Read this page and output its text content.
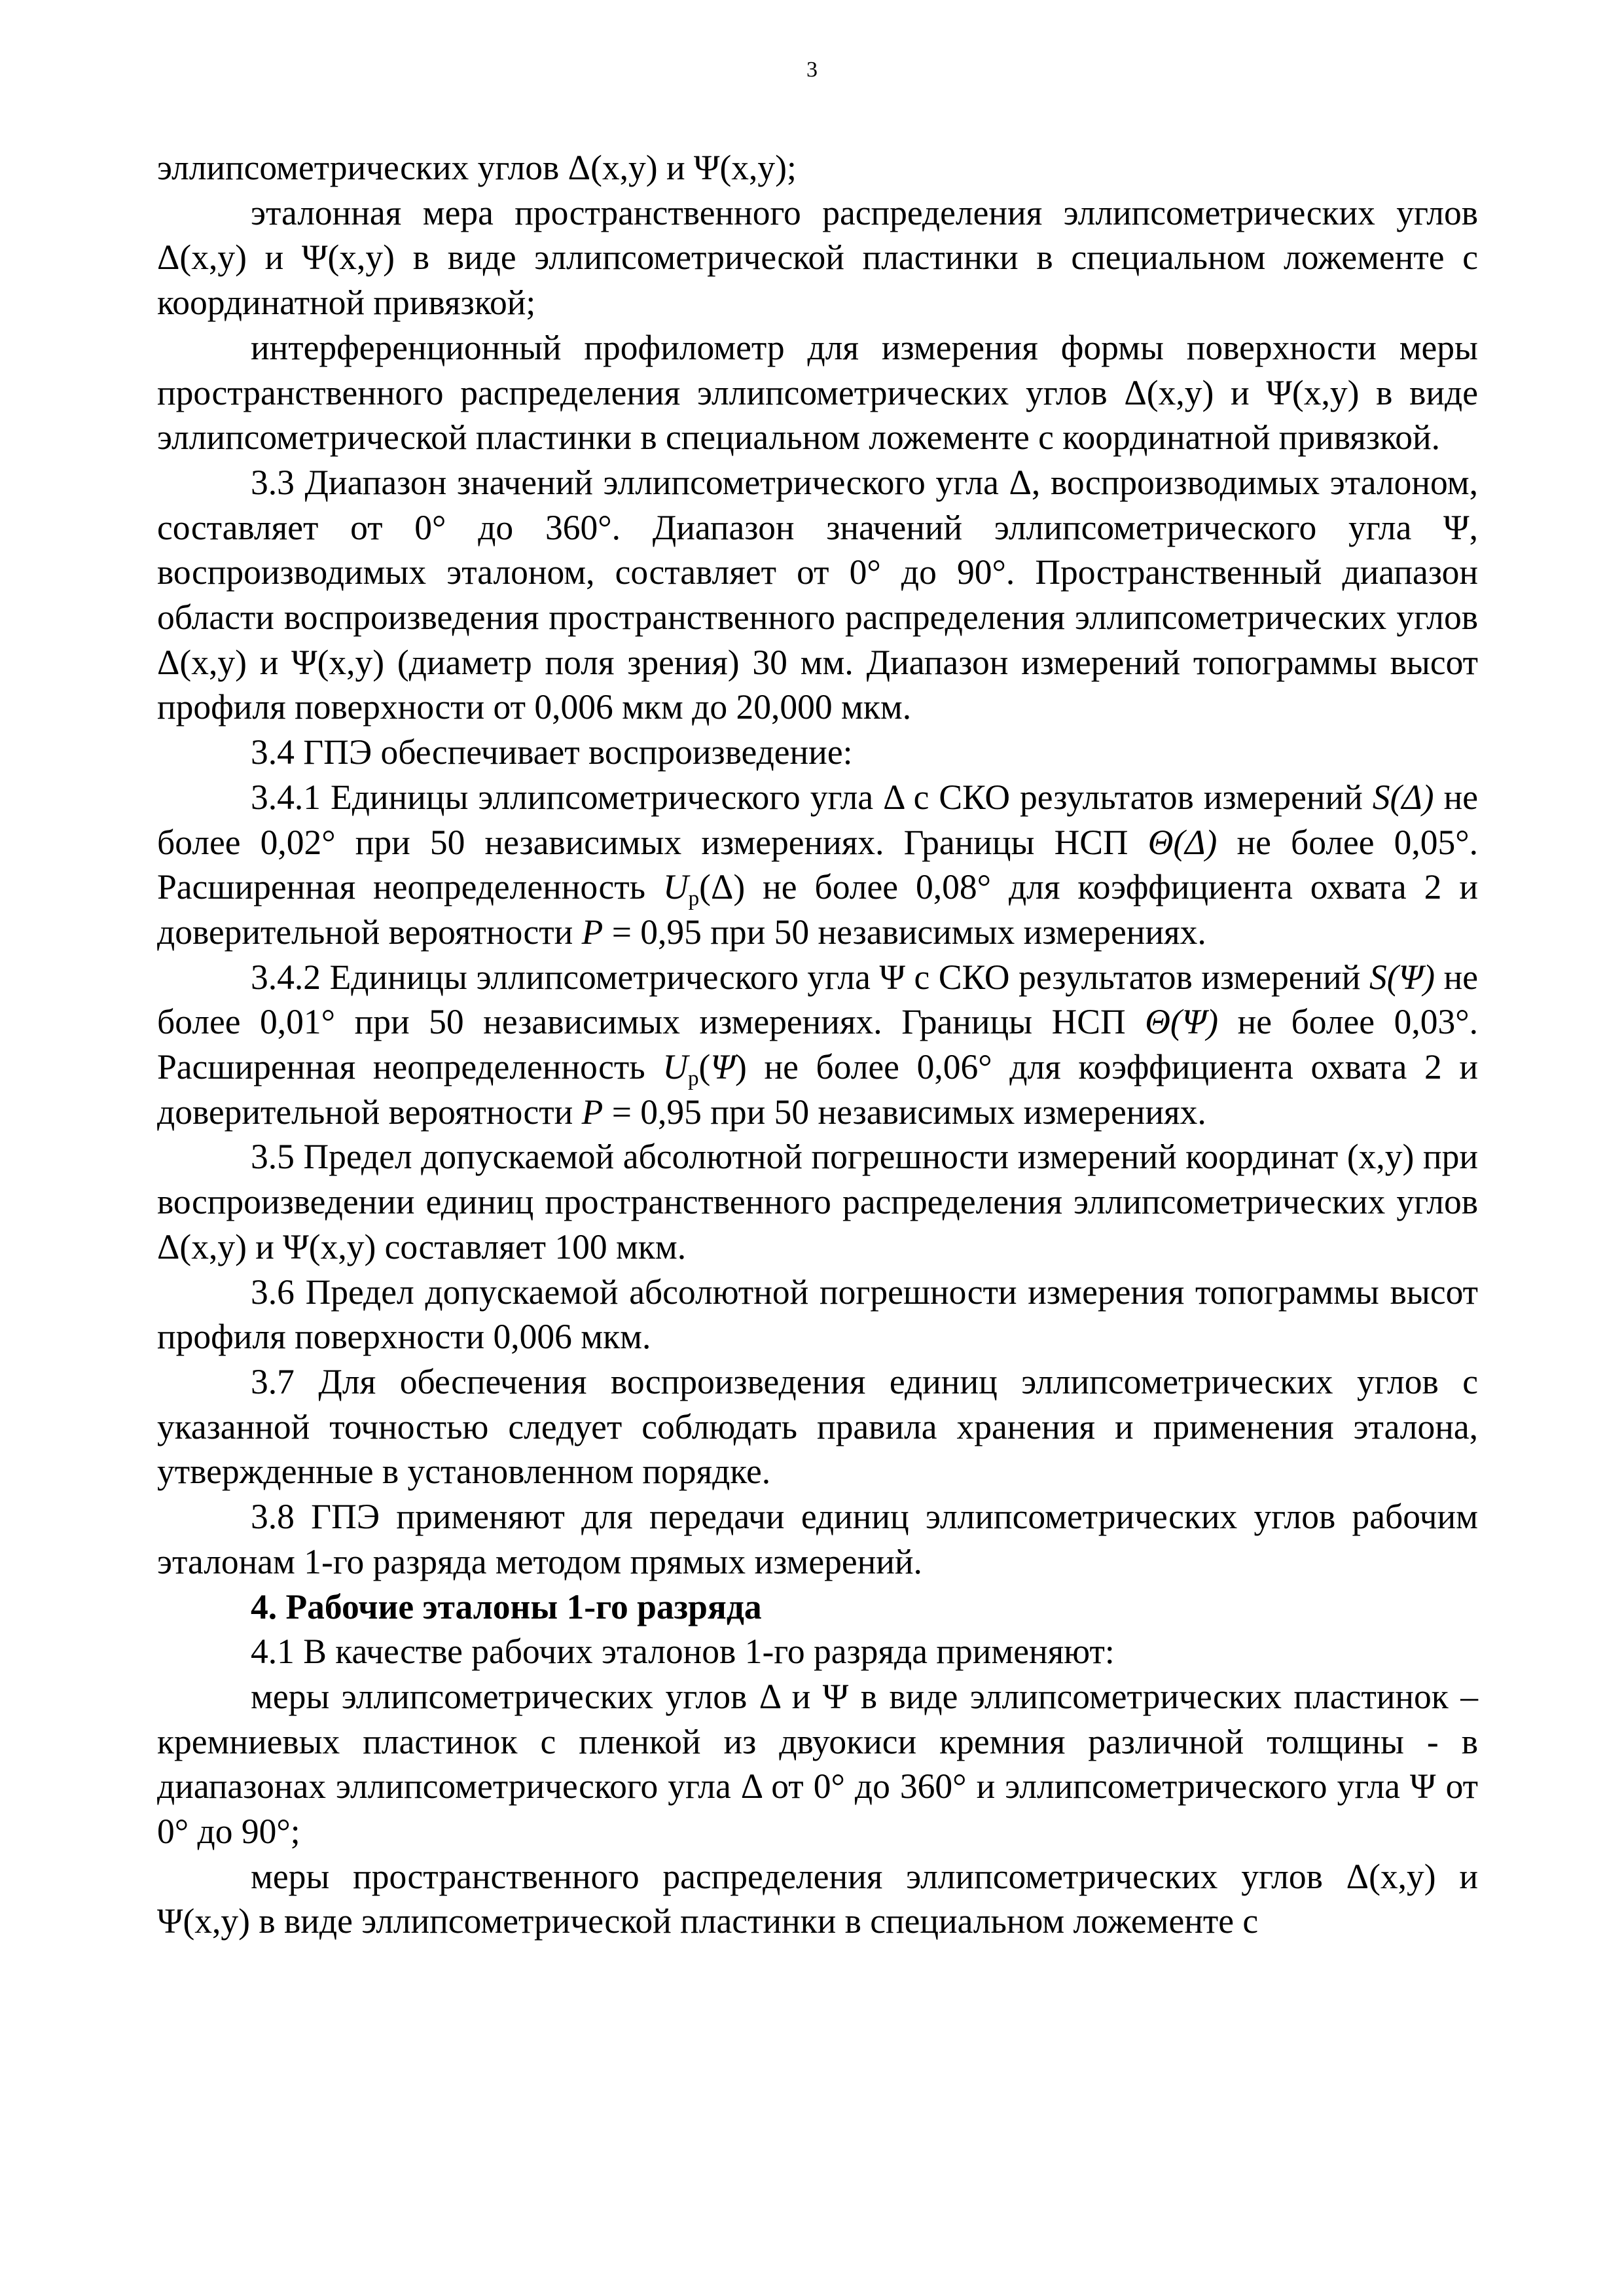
3

эллипсометрических углов Δ(x,y) и Ψ(x,y);

эталонная мера пространственного распределения эллипсометрических углов Δ(x,y) и Ψ(x,y) в виде эллипсометрической пластинки в специальном ложементе с координатной привязкой;

интерференционный профилометр для измерения формы поверхности меры пространственного распределения эллипсометрических углов Δ(x,y) и Ψ(x,y) в виде эллипсометрической пластинки в специальном ложементе с координатной привязкой.

3.3 Диапазон значений эллипсометрического угла Δ, воспроизводимых эталоном, составляет от 0° до 360°. Диапазон значений эллипсометрического угла Ψ, воспроизводимых эталоном, составляет от 0° до 90°. Пространственный диапазон области воспроизведения пространственного распределения эллипсометрических углов Δ(x,y) и Ψ(x,y) (диаметр поля зрения) 30 мм. Диапазон измерений топограммы высот профиля поверхности от 0,006 мкм до 20,000 мкм.

3.4 ГПЭ обеспечивает воспроизведение:

3.4.1 Единицы эллипсометрического угла Δ с СКО результатов измерений S(Δ) не более 0,02° при 50 независимых измерениях. Границы НСП Θ(Δ) не более 0,05°. Расширенная неопределенность $U_p(\Delta)$ не более 0,08° для коэффициента охвата 2 и доверительной вероятности P = 0,95 при 50 независимых измерениях.

3.4.2 Единицы эллипсометрического угла Ψ с СКО результатов измерений S(Ψ) не более 0,01° при 50 независимых измерениях. Границы НСП Θ(Ψ) не более 0,03°. Расширенная неопределенность $U_p(\Psi)$ не более 0,06° для коэффициента охвата 2 и доверительной вероятности P = 0,95 при 50 независимых измерениях.

3.5 Предел допускаемой абсолютной погрешности измерений координат (x,y) при воспроизведении единиц пространственного распределения эллипсометрических углов Δ(x,y) и Ψ(x,y) составляет 100 мкм.

3.6 Предел допускаемой абсолютной погрешности измерения топограммы высот профиля поверхности 0,006 мкм.

3.7 Для обеспечения воспроизведения единиц эллипсометрических углов с указанной точностью следует соблюдать правила хранения и применения эталона, утвержденные в установленном порядке.

3.8 ГПЭ применяют для передачи единиц эллипсометрических углов рабочим эталонам 1-го разряда методом прямых измерений.

4. Рабочие эталоны 1-го разряда

4.1 В качестве рабочих эталонов 1-го разряда применяют:

меры эллипсометрических углов Δ и Ψ в виде эллипсометрических пластинок – кремниевых пластинок с пленкой из двуокиси кремния различной толщины - в диапазонах эллипсометрического угла Δ от 0° до 360° и эллипсометрического угла Ψ от 0° до 90°;

меры пространственного распределения эллипсометрических углов Δ(x,y) и Ψ(x,y) в виде эллипсометрической пластинки в специальном ложементе с
